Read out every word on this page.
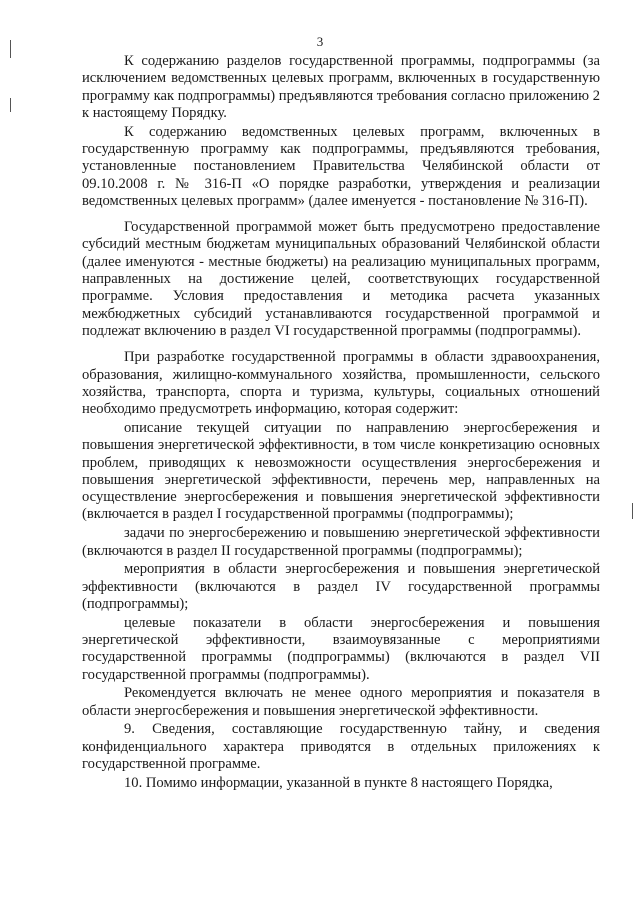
3

К содержанию разделов государственной программы, подпрограммы (за исключением ведомственных целевых программ, включенных в государственную программу как подпрограммы) предъявляются требования согласно приложению 2 к настоящему Порядку.

К содержанию ведомственных целевых программ, включенных в государственную программу как подпрограммы, предъявляются требования, установленные постановлением Правительства Челябинской области от 09.10.2008 г. № 316-П «О порядке разработки, утверждения и реализации ведомственных целевых программ» (далее именуется - постановление № 316-П).

Государственной программой может быть предусмотрено предоставление субсидий местным бюджетам муниципальных образований Челябинской области (далее именуются - местные бюджеты) на реализацию муниципальных программ, направленных на достижение целей, соответствующих государственной программе. Условия предоставления и методика расчета указанных межбюджетных субсидий устанавливаются государственной программой и подлежат включению в раздел VI государственной программы (подпрограммы).

При разработке государственной программы в области здравоохранения, образования, жилищно-коммунального хозяйства, промышленности, сельского хозяйства, транспорта, спорта и туризма, культуры, социальных отношений необходимо предусмотреть информацию, которая содержит:

описание текущей ситуации по направлению энергосбережения и повышения энергетической эффективности, в том числе конкретизацию основных проблем, приводящих к невозможности осуществления энергосбережения и повышения энергетической эффективности, перечень мер, направленных на осуществление энергосбережения и повышения энергетической эффективности (включается в раздел I государственной программы (подпрограммы);

задачи по энергосбережению и повышению энергетической эффективности (включаются в раздел II государственной программы (подпрограммы);

мероприятия в области энергосбережения и повышения энергетической эффективности (включаются в раздел IV государственной программы (подпрограммы);

целевые показатели в области энергосбережения и повышения энергетической эффективности, взаимоувязанные с мероприятиями государственной программы (подпрограммы) (включаются в раздел VII государственной программы (подпрограммы).

Рекомендуется включать не менее одного мероприятия и показателя в области энергосбережения и повышения энергетической эффективности.

9. Сведения, составляющие государственную тайну, и сведения конфиденциального характера приводятся в отдельных приложениях к государственной программе.

10. Помимо информации, указанной в пункте 8 настоящего Порядка,
